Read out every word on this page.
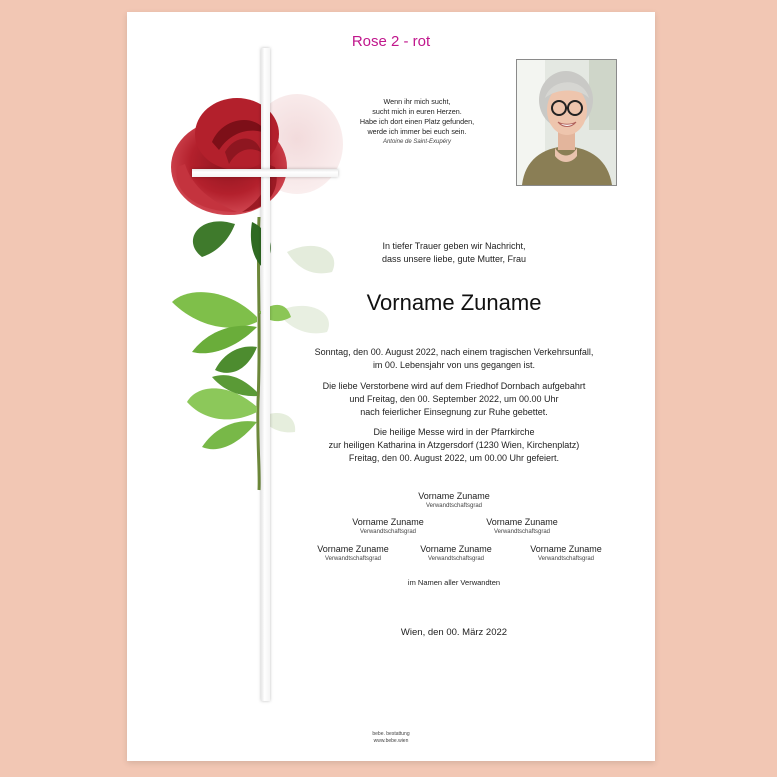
Rose 2 - rot
Wenn ihr mich sucht,
sucht mich in euren Herzen.
Habe ich dort einen Platz gefunden,
werde ich immer bei euch sein.
Antoine de Saint-Exupéry
In tiefer Trauer geben wir Nachricht,
dass unsere liebe, gute Mutter, Frau
Vorname Zuname
Sonntag, den 00. August 2022, nach einem tragischen Verkehrsunfall,
im 00. Lebensjahr von uns gegangen ist.
Die liebe Verstorbene wird auf dem Friedhof Dornbach aufgebahrt
und Freitag, den 00. September 2022, um 00.00 Uhr
nach feierlicher Einsegnung zur Ruhe gebettet.
Die heilige Messe wird in der Pfarrkirche
zur heiligen Katharina in Atzgersdorf (1230 Wien, Kirchenplatz)
Freitag, den 00. August 2022, um 00.00 Uhr gefeiert.
Vorname Zuname
Verwandtschaftsgrad
Vorname Zuname
Verwandtschaftsgrad
Vorname Zuname
Verwandtschaftsgrad
Vorname Zuname
Verwandtschaftsgrad
Vorname Zuname
Verwandtschaftsgrad
Vorname Zuname
Verwandtschaftsgrad
im Namen aller Verwandten
Wien, den 00. März 2022
bebe. bestattung
www.bebe.wien
